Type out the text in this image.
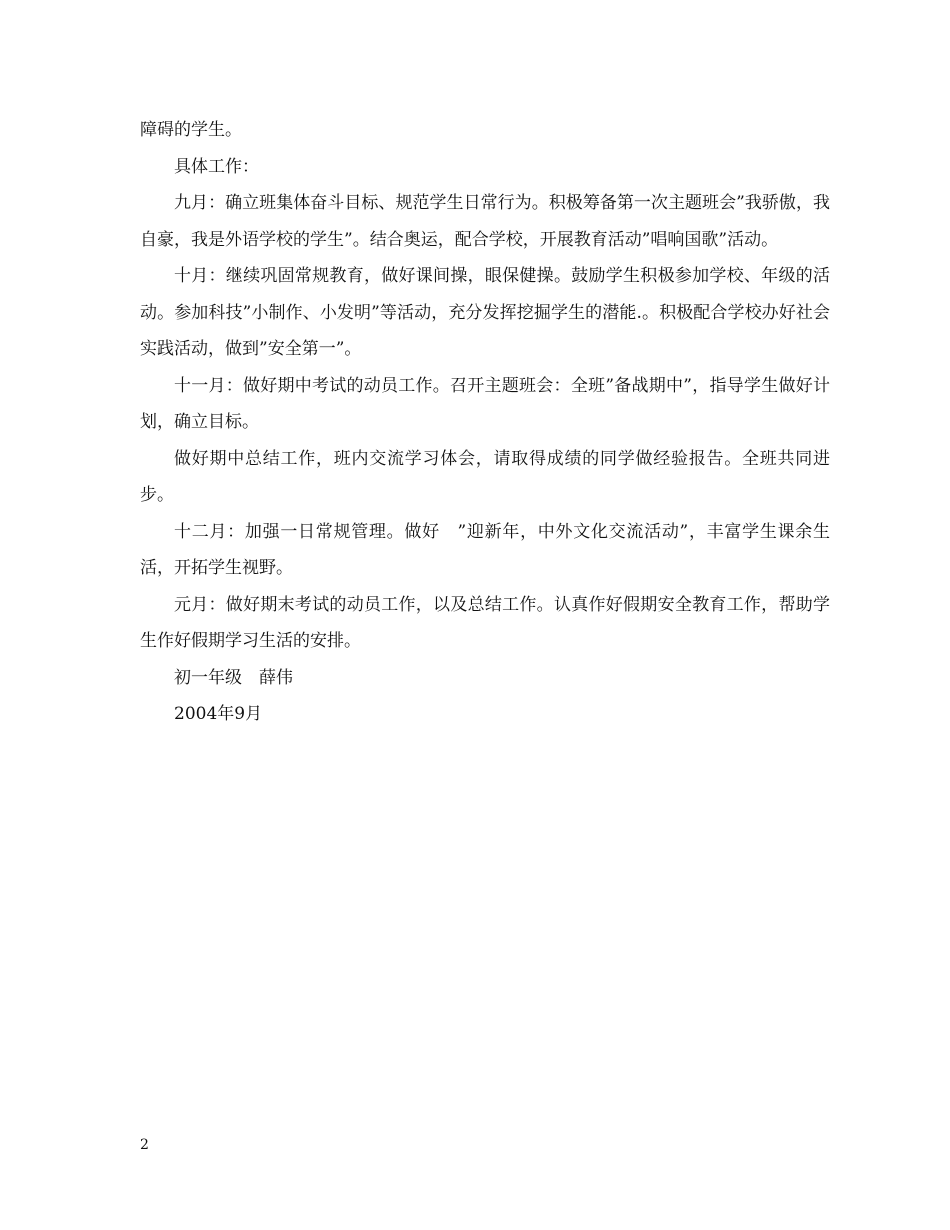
障碍的学生。

具体工作：

九月：确立班集体奋斗目标、规范学生日常行为。积极筹备第一次主题班会”我骄傲，我自豪，我是外语学校的学生”。结合奥运，配合学校，开展教育活动”唱响国歌”活动。

十月：继续巩固常规教育，做好课间操，眼保健操。鼓励学生积极参加学校、年级的活动。参加科技”小制作、小发明”等活动，充分发挥挖掘学生的潜能.。积极配合学校办好社会实践活动，做到”安全第一”。

十一月：做好期中考试的动员工作。召开主题班会：全班”备战期中”，指导学生做好计划，确立目标。

做好期中总结工作，班内交流学习体会，请取得成绩的同学做经验报告。全班共同进步。

十二月：加强一日常规管理。做好　”迎新年，中外文化交流活动”，丰富学生课余生活，开拓学生视野。

元月：做好期末考试的动员工作，以及总结工作。认真作好假期安全教育工作，帮助学生作好假期学习生活的安排。

初一年级　薛伟

2004年9月

2
